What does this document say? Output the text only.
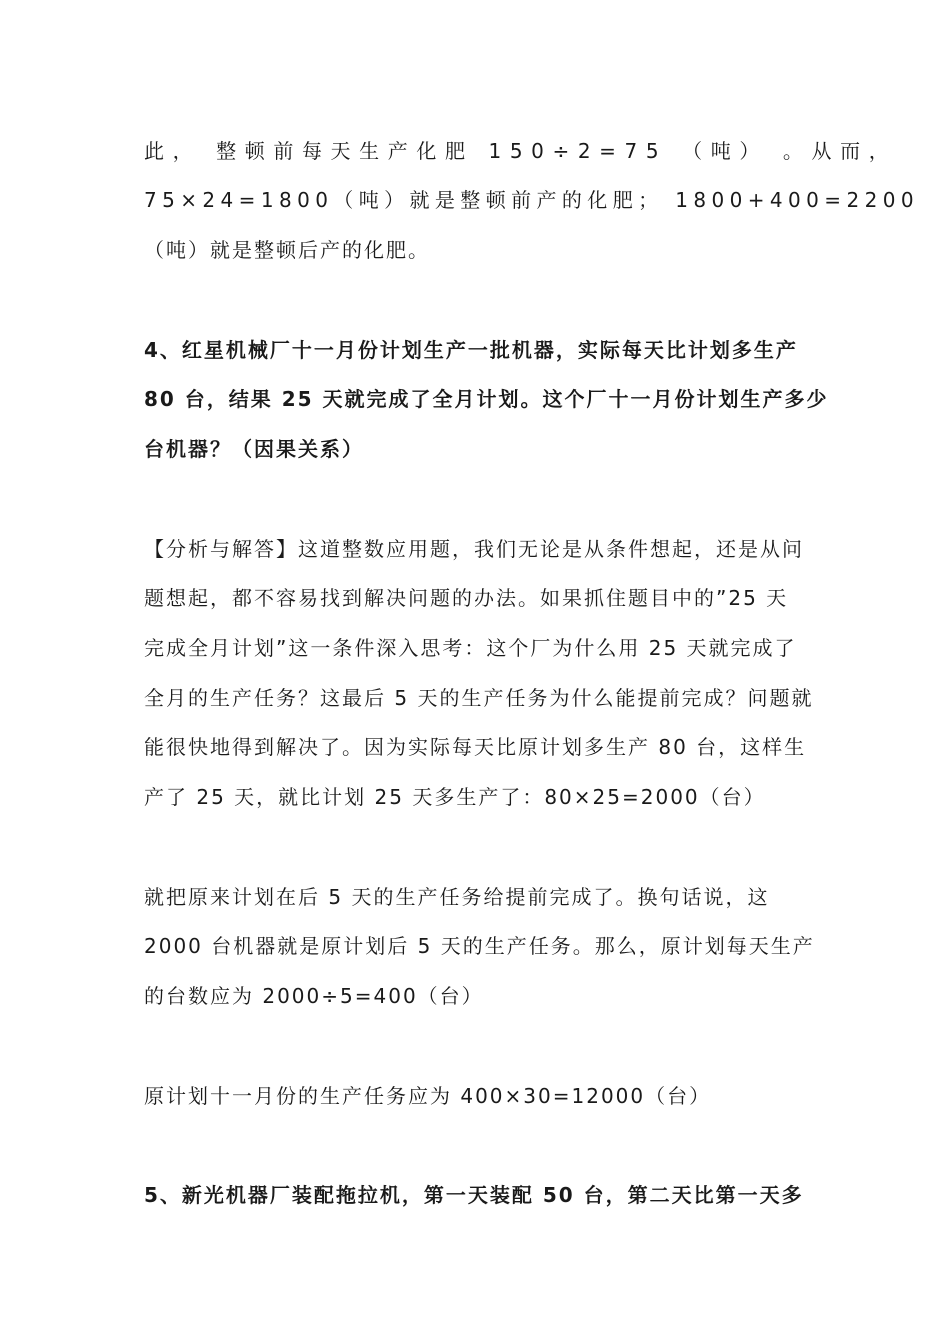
此， 整顿前每天生产化肥 150÷2=75 （吨） 。从而，
75×24=1800（吨）就是整顿前产的化肥； 1800+400=2200
（吨）就是整顿后产的化肥。
4、红星机械厂十一月份计划生产一批机器，实际每天比计划多生产
80 台，结果 25 天就完成了全月计划。这个厂十一月份计划生产多少
台机器？（因果关系）
【分析与解答】这道整数应用题，我们无论是从条件想起，还是从问
题想起，都不容易找到解决问题的办法。如果抓住题目中的”25 天
完成全月计划”这一条件深入思考：这个厂为什么用 25 天就完成了
全月的生产任务？这最后 5 天的生产任务为什么能提前完成？问题就
能很快地得到解决了。因为实际每天比原计划多生产 80 台，这样生
产了 25 天，就比计划 25 天多生产了：80×25=2000（台）
就把原来计划在后 5 天的生产任务给提前完成了。换句话说，这
2000 台机器就是原计划后 5 天的生产任务。那么，原计划每天生产
的台数应为 2000÷5=400（台）
原计划十一月份的生产任务应为 400×30=12000（台）
5、新光机器厂装配拖拉机，第一天装配 50 台，第二天比第一天多
